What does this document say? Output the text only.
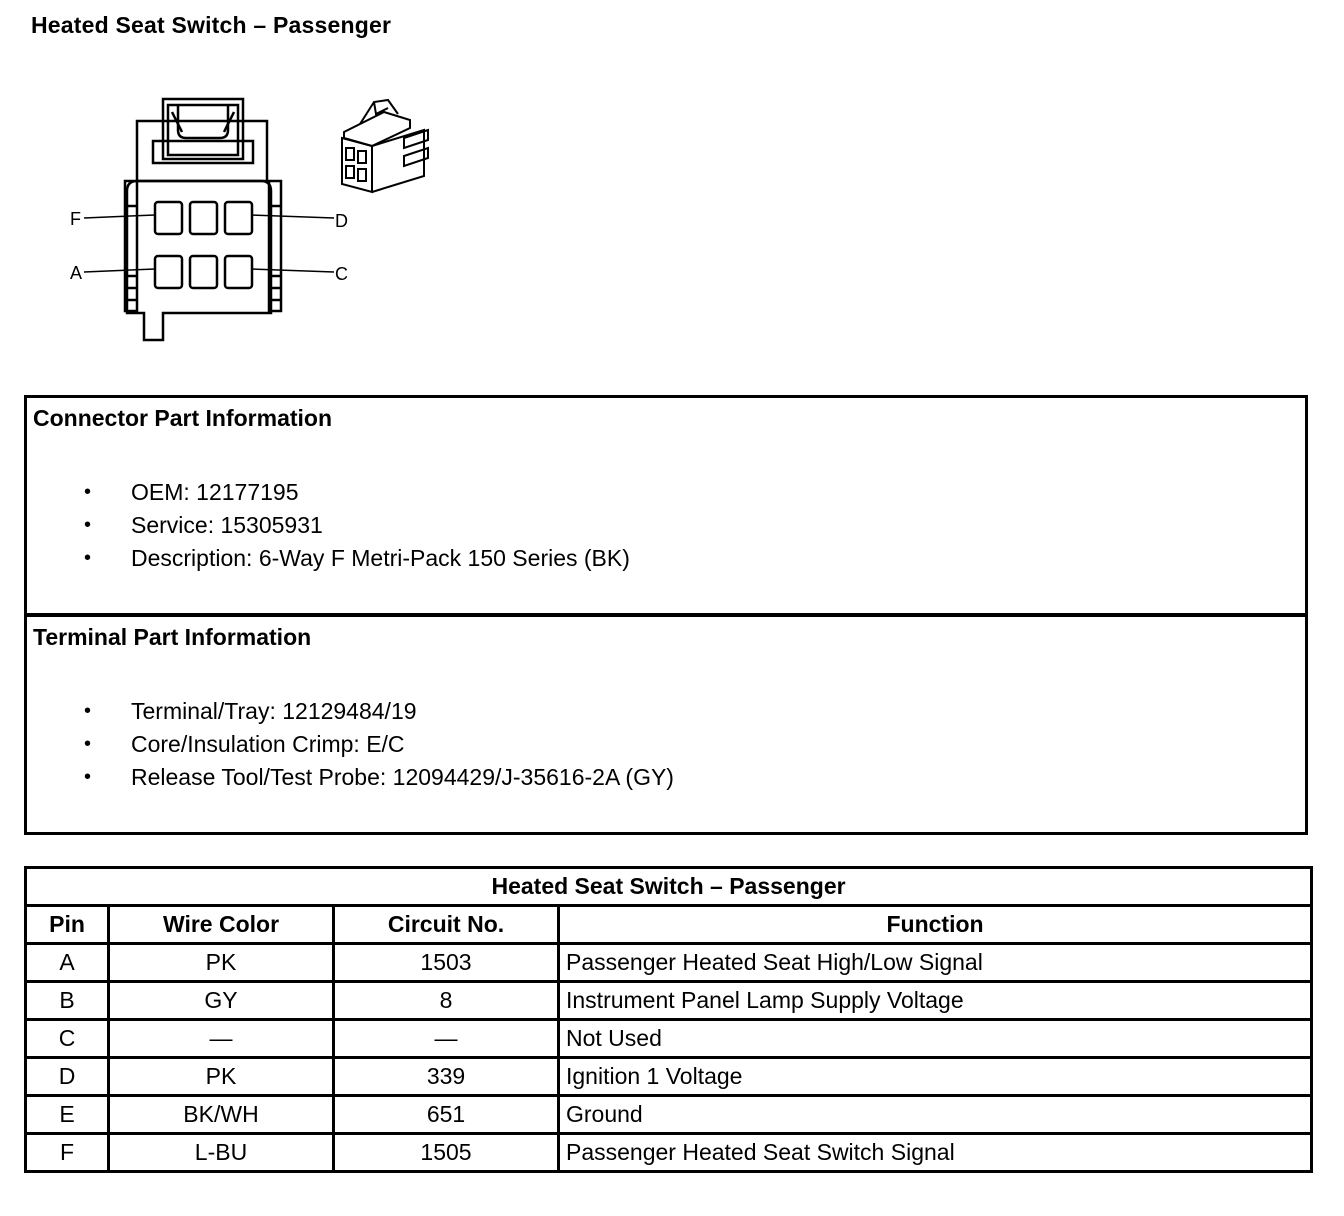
Heated Seat Switch – Passenger
F	D
A	C
Connector Part Information
• OEM: 12177195
• Service: 15305931
• Description: 6-Way F Metri-Pack 150 Series (BK)
Terminal Part Information
• Terminal/Tray: 12129484/19
• Core/Insulation Crimp: E/C
• Release Tool/Test Probe: 12094429/J-35616-2A (GY)
Heated Seat Switch – Passenger			
Pin	Wire Color	Circuit No.	Function
A	PK	1503	Passenger Heated Seat High/Low Signal
B	GY	8	Instrument Panel Lamp Supply Voltage
C	—	—	Not Used
D	PK	339	Ignition 1 Voltage
E	BK/WH	651	Ground
F	L-BU	1505	Passenger Heated Seat Switch Signal
